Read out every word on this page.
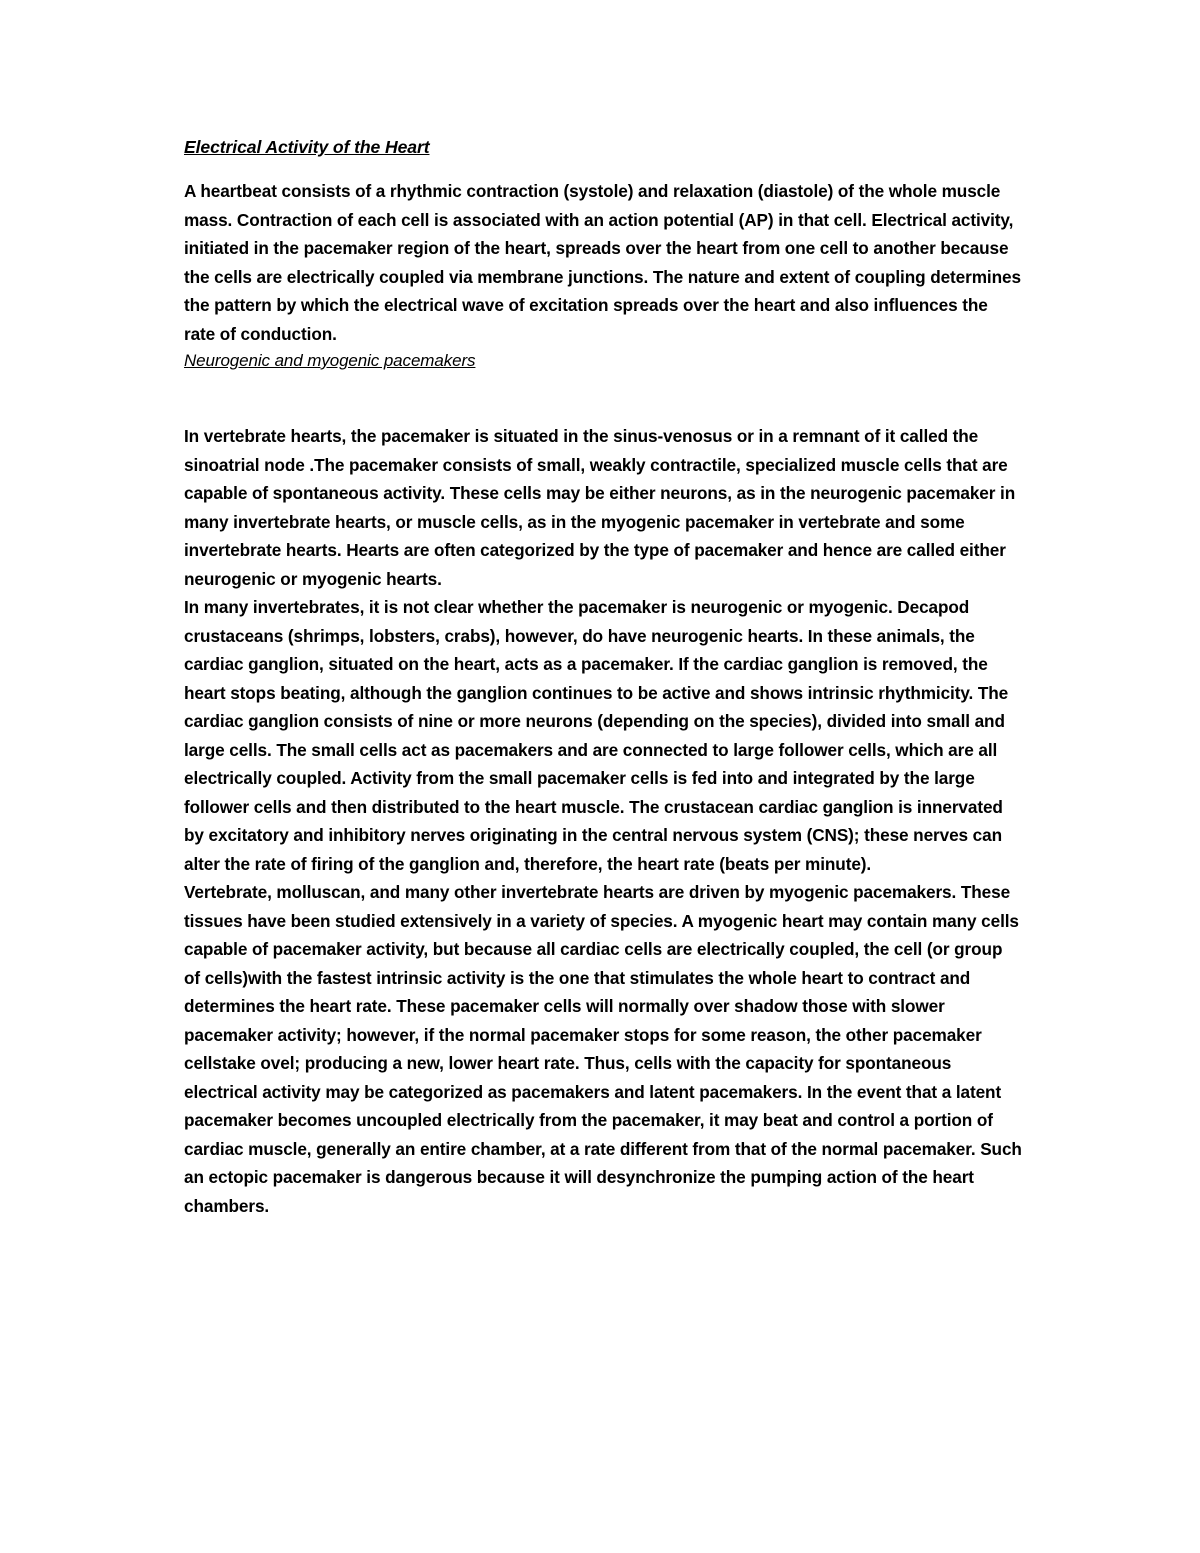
Electrical Activity of the Heart

A heartbeat consists of a rhythmic contraction (systole) and relaxation (diastole) of the whole muscle mass. Contraction of each cell is associated with an action potential (AP) in that cell. Electrical activity, initiated in the pacemaker region of the heart, spreads over the heart from one cell to another because the cells are electrically coupled via membrane junctions. The nature and extent of coupling determines the pattern by which the electrical wave of excitation spreads over the heart and also influences the rate of conduction.

Neurogenic and myogenic pacemakers

In vertebrate hearts, the pacemaker is situated in the sinus-venosus or in a remnant of it called the sinoatrial node .The pacemaker consists of small, weakly contractile, specialized muscle cells that are capable of spontaneous activity. These cells may be either neurons, as in the neurogenic pacemaker in many invertebrate hearts, or muscle cells, as in the myogenic pacemaker in vertebrate and some invertebrate hearts. Hearts are often categorized by the type of pacemaker and hence are called either neurogenic or myogenic hearts.

In many invertebrates, it is not clear whether the pacemaker is neurogenic or myogenic. Decapod crustaceans (shrimps, lobsters, crabs), however, do have neurogenic hearts. In these animals, the cardiac ganglion, situated on the heart, acts as a pacemaker. If the cardiac ganglion is removed, the heart stops beating, although the ganglion continues to be active and shows intrinsic rhythmicity. The cardiac ganglion consists of nine or more neurons (depending on the species), divided into small and large cells. The small cells act as pacemakers and are connected to large follower cells, which are all electrically coupled. Activity from the small pacemaker cells is fed into and integrated by the large follower cells and then distributed to the heart muscle. The crustacean cardiac ganglion is innervated by excitatory and inhibitory nerves originating in the central nervous system (CNS); these nerves can alter the rate of firing of the ganglion and, therefore, the heart rate (beats per minute).

Vertebrate, molluscan, and many other invertebrate hearts are driven by myogenic pacemakers. These tissues have been studied extensively in a variety of species. A myogenic heart may contain many cells capable of pacemaker activity, but because all cardiac cells are electrically coupled, the cell (or group of cells)with the fastest intrinsic activity is the one that stimulates the whole heart to contract and determines the heart rate. These pacemaker cells will normally over shadow those with slower pacemaker activity; however, if the normal pacemaker stops for some reason, the other pacemaker cellstake ovel; producing a new, lower heart rate. Thus, cells with the capacity for spontaneous electrical activity may be categorized as pacemakers and latent pacemakers. In the event that a latent pacemaker becomes uncoupled electrically from the pacemaker, it may beat and control a portion of cardiac muscle, generally an entire chamber, at a rate different from that of the normal pacemaker. Such an ectopic pacemaker is dangerous because it will desynchronize the pumping action of the heart chambers.
